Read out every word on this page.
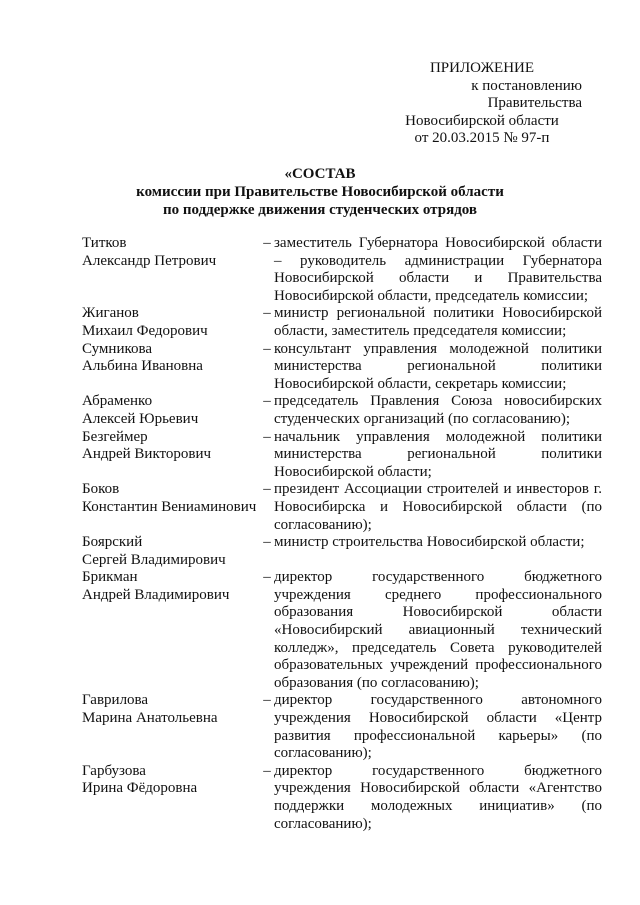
ПРИЛОЖЕНИЕ
к постановлению Правительства
Новосибирской области
от 20.03.2015 № 97-п
«СОСТАВ
комиссии при Правительстве Новосибирской области
по поддержке движения студенческих отрядов
Титков
Александр Петрович
– заместитель Губернатора Новосибирской области – руководитель администрации Губернатора Новосибирской области и Правительства Новосибирской области, председатель комиссии;
Жиганов
Михаил Федорович
– министр региональной политики Новосибирской области, заместитель председателя комиссии;
Сумникова
Альбина Ивановна
– консультант управления молодежной политики министерства региональной политики Новосибирской области, секретарь комиссии;
Абраменко
Алексей Юрьевич
– председатель Правления Союза новосибирских студенческих организаций (по согласованию);
Безгеймер
Андрей Викторович
– начальник управления молодежной политики министерства региональной политики Новосибирской области;
Боков
Константин Вениаминович
– президент Ассоциации строителей и инвесторов г. Новосибирска и Новосибирской области (по согласованию);
Боярский
Сергей Владимирович
– министр строительства Новосибирской области;
Брикман
Андрей Владимирович
– директор государственного бюджетного учреждения среднего профессионального образования Новосибирской области «Новосибирский авиационный технический колледж», председатель Совета руководителей образовательных учреждений профессионального образования (по согласованию);
Гаврилова
Марина Анатольевна
– директор государственного автономного учреждения Новосибирской области «Центр развития профессиональной карьеры» (по согласованию);
Гарбузова
Ирина Фёдоровна
– директор государственного бюджетного учреждения Новосибирской области «Агентство поддержки молодежных инициатив» (по согласованию);
